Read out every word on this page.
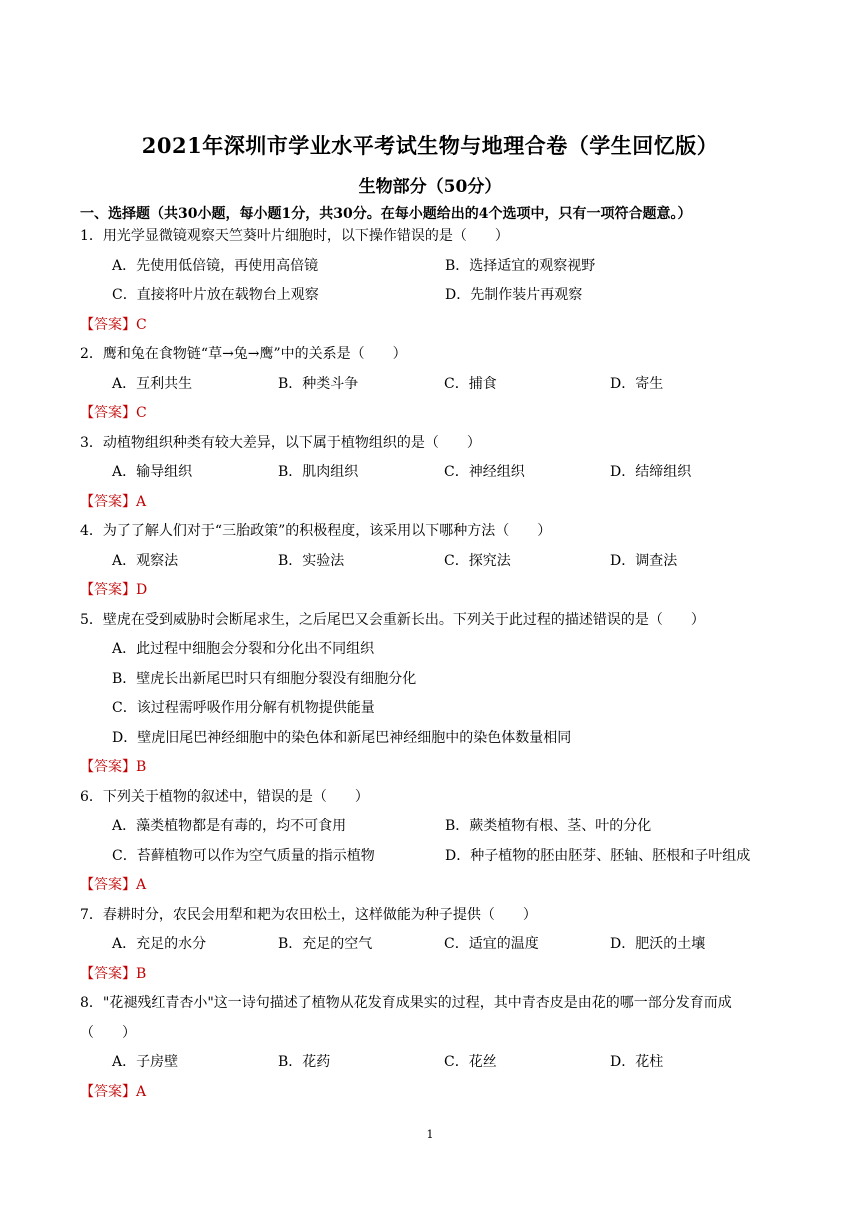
2021年深圳市学业水平考试生物与地理合卷（学生回忆版）
生物部分（50分）
一、选择题（共30小题，每小题1分，共30分。在每小题给出的4个选项中，只有一项符合题意。）
1．用光学显微镜观察天竺葵叶片细胞时，以下操作错误的是（　　）
A．先使用低倍镜，再使用高倍镜	B．选择适宜的观察视野
C．直接将叶片放在载物台上观察	D．先制作装片再观察
【答案】C
2．鹰和兔在食物链“草→兔→鹰”中的关系是（　　）
A．互利共生	B．种类斗争	C．捕食	D．寄生
【答案】C
3．动植物组织种类有较大差异，以下属于植物组织的是（　　）
A．输导组织	B．肌肉组织	C．神经组织	D．结缔组织
【答案】A
4．为了了解人们对于“三胎政策”的积极程度，该采用以下哪种方法（　　）
A．观察法	B．实验法	C．探究法	D．调查法
【答案】D
5．壁虎在受到威胁时会断尾求生，之后尾巴又会重新长出。下列关于此过程的描述错误的是（　　）
A．此过程中细胞会分裂和分化出不同组织
B．壁虎长出新尾巴时只有细胞分裂没有细胞分化
C．该过程需呼吸作用分解有机物提供能量
D．壁虎旧尾巴神经细胞中的染色体和新尾巴神经细胞中的染色体数量相同
【答案】B
6．下列关于植物的叙述中，错误的是（　　）
A．藻类植物都是有毒的，均不可食用	B．蕨类植物有根、茎、叶的分化
C．苔藓植物可以作为空气质量的指示植物	D．种子植物的胚由胚芽、胚轴、胚根和子叶组成
【答案】A
7．春耕时分，农民会用犁和耙为农田松土，这样做能为种子提供（　　）
A．充足的水分	B．充足的空气	C．适宜的温度	D．肥沃的土壤
【答案】B
8．"花褪残红青杏小"这一诗句描述了植物从花发育成果实的过程，其中青杏皮是由花的哪一部分发育而成
（　　）
A．子房壁	B．花药	C．花丝	D．花柱
【答案】A
1
